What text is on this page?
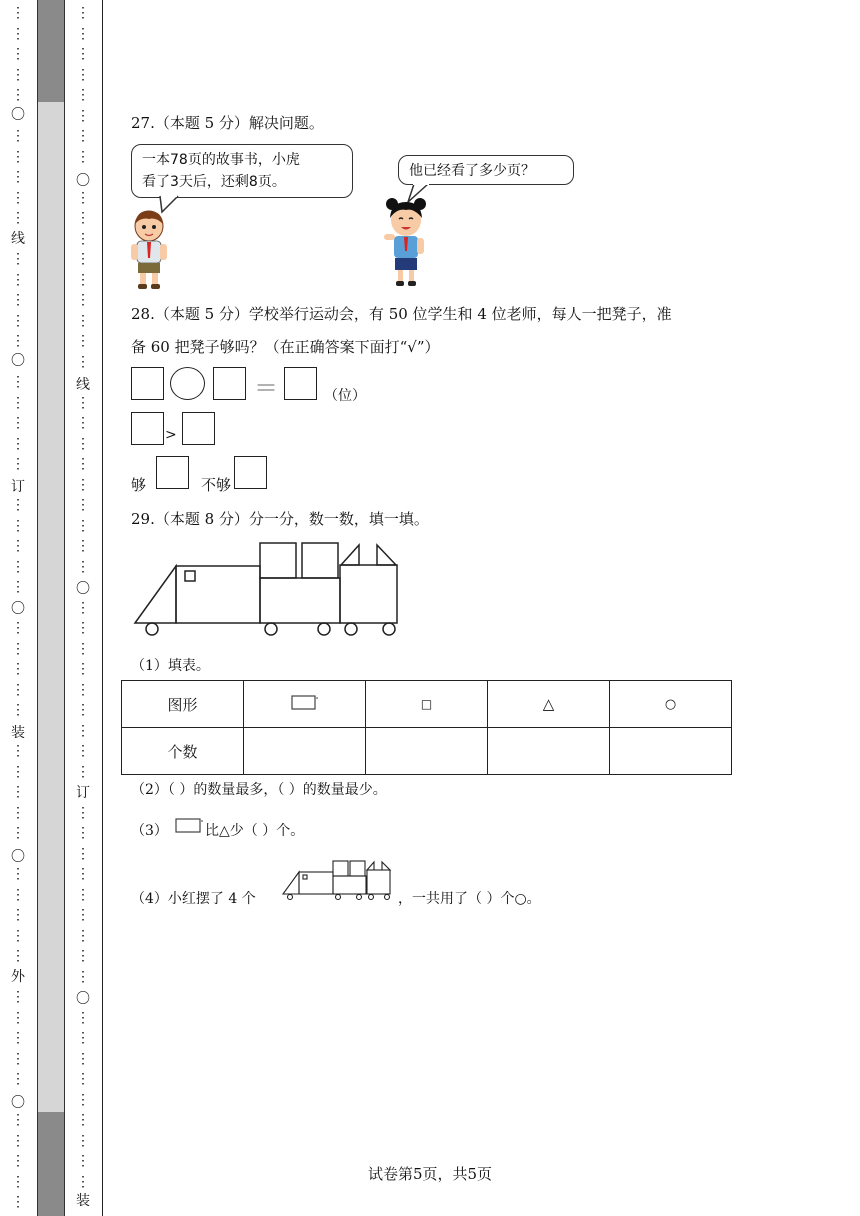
⋮
⋮
⋮
⋮
⋮
⋮
⋮
⋮
⋮
⋮
⋮
⋮
⋮
⋮
⋮
⋮
⋮
⋮
⋮
⋮
⋮
⋮
⋮
⋮
⋮
⋮
⋮
⋮
⋮
⋮
⋮
⋮
⋮
⋮
⋮
⋮
⋮
⋮
⋮
⋮
⋮
⋮
⋮
⋮
⋮
⋮
⋮
⋮
⋮
⋮
〇
线
〇
订
〇
装
〇
外
〇
⋮
⋮
⋮
⋮
⋮
⋮
⋮
⋮
⋮
⋮
⋮
⋮
⋮
⋮
⋮
⋮
⋮
⋮
⋮
⋮
⋮
⋮
⋮
⋮
⋮
⋮
⋮
⋮
⋮
⋮
⋮
⋮
⋮
⋮
⋮
⋮
⋮
⋮
⋮
⋮
⋮
⋮
⋮
⋮
⋮
⋮
⋮
⋮
⋮
⋮
⋮
⋮
⋮
〇
线
〇
订
〇
装
27.（本题 5 分）解决问题。
一本78页的故事书，小虎
看了3天后，还剩8页。
他已经看了多少页？
28.（本题 5 分）学校举行运动会，有 50 位学生和 4 位老师，每人一把凳子，准
备 60 把凳子够吗？（在正确答案下面打“√”）
＝	（位）
>
够	不够
29.（本题 8 分）分一分，数一数，填一填。
（1）填表。
图形		□	△	○
个数				
（2）（ ）的数量最多，（ ）的数量最少。
（3）	比△少（ ）个。
（4）小红摆了 4 个	，一共用了（ ）个○。
试卷第5页，共5页
